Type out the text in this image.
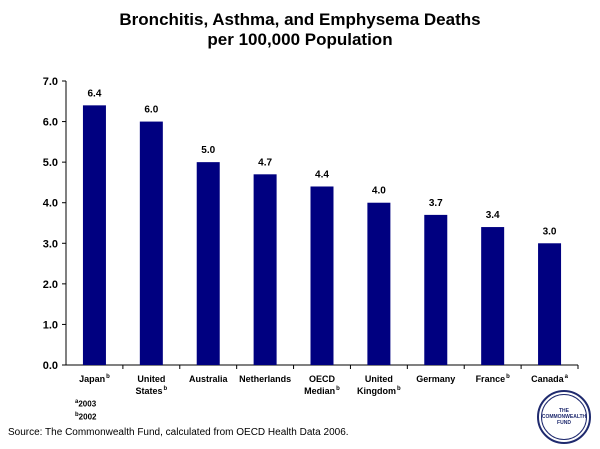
Bronchitis, Asthma, and Emphysema Deaths
per 100,000 Population
0.0
1.0
2.0
3.0
4.0
5.0
6.0
7.0
6.4
Japan$^b$
6.0
United States$^b$
5.0
Australia
4.7
Netherlands
4.4
OECD Median$^b$
4.0
United Kingdom$^b$
3.7
Germany
3.4
France$^b$
3.0
Canada$^a$
$^a$2003
$^b$2002
Source: The Commonwealth Fund, calculated from OECD Health Data 2006.
THE
COMMONWEALTH
FUND
